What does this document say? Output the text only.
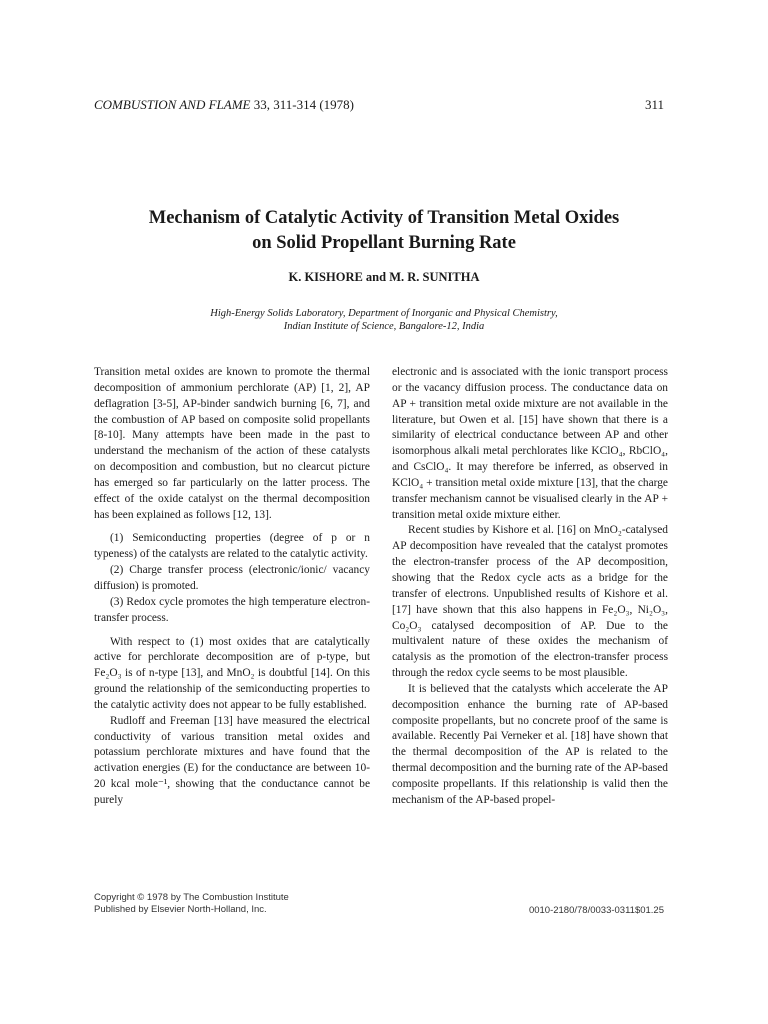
COMBUSTION AND FLAME 33, 311-314 (1978)	311
Mechanism of Catalytic Activity of Transition Metal Oxides
on Solid Propellant Burning Rate
K. KISHORE and M. R. SUNITHA
High-Energy Solids Laboratory, Department of Inorganic and Physical Chemistry,
Indian Institute of Science, Bangalore-12, India

Transition metal oxides are known to promote the thermal decomposition of ammonium perchlorate (AP) [1, 2], AP deflagration [3-5], AP-binder sandwich burning [6, 7], and the combustion of AP based on composite solid propellants [8-10]. Many attempts have been made in the past to understand the mechanism of the action of these catalysts on decomposition and combustion, but no clearcut picture has emerged so far particularly on the latter process. The effect of the oxide catalyst on the thermal decomposition has been explained as follows [12, 13].

(1) Semiconducting properties (degree of p or n typeness) of the catalysts are related to the catalytic activity.

(2) Charge transfer process (electronic/ionic/ vacancy diffusion) is promoted.

(3) Redox cycle promotes the high temperature electron-transfer process.

With respect to (1) most oxides that are catalytically active for perchlorate decomposition are of p-type, but Fe₂O₃ is of n-type [13], and MnO₂ is doubtful [14]. On this ground the relationship of the semiconducting properties to the catalytic activity does not appear to be fully established.

Rudloff and Freeman [13] have measured the electrical conductivity of various transition metal oxides and potassium perchlorate mixtures and have found that the activation energies (E) for the conductance are between 10-20 kcal mole⁻¹, showing that the conductance cannot be purely

electronic and is associated with the ionic transport process or the vacancy diffusion process. The conductance data on AP + transition metal oxide mixture are not available in the literature, but Owen et al. [15] have shown that there is a similarity of electrical conductance between AP and other isomorphous alkali metal perchlorates like KClO₄, RbClO₄, and CsClO₄. It may therefore be inferred, as observed in KClO₄ + transition metal oxide mixture [13], that the charge transfer mechanism cannot be visualised clearly in the AP + transition metal oxide mixture either.

Recent studies by Kishore et al. [16] on MnO₂-catalysed AP decomposition have revealed that the catalyst promotes the electron-transfer process of the AP decomposition, showing that the Redox cycle acts as a bridge for the transfer of electrons. Unpublished results of Kishore et al. [17] have shown that this also happens in Fe₂O₃, Ni₂O₃, Co₂O₃ catalysed decomposition of AP. Due to the multivalent nature of these oxides the mechanism of catalysis as the promotion of the electron-transfer process through the redox cycle seems to be most plausible.

It is believed that the catalysts which accelerate the AP decomposition enhance the burning rate of AP-based composite propellants, but no concrete proof of the same is available. Recently Pai Verneker et al. [18] have shown that the thermal decomposition of the AP is related to the thermal decomposition and the burning rate of the AP-based composite propellants. If this relationship is valid then the mechanism of the AP-based propel-

Copyright © 1978 by The Combustion Institute
Published by Elsevier North-Holland, Inc.	0010-2180/78/0033-0311$01.25
